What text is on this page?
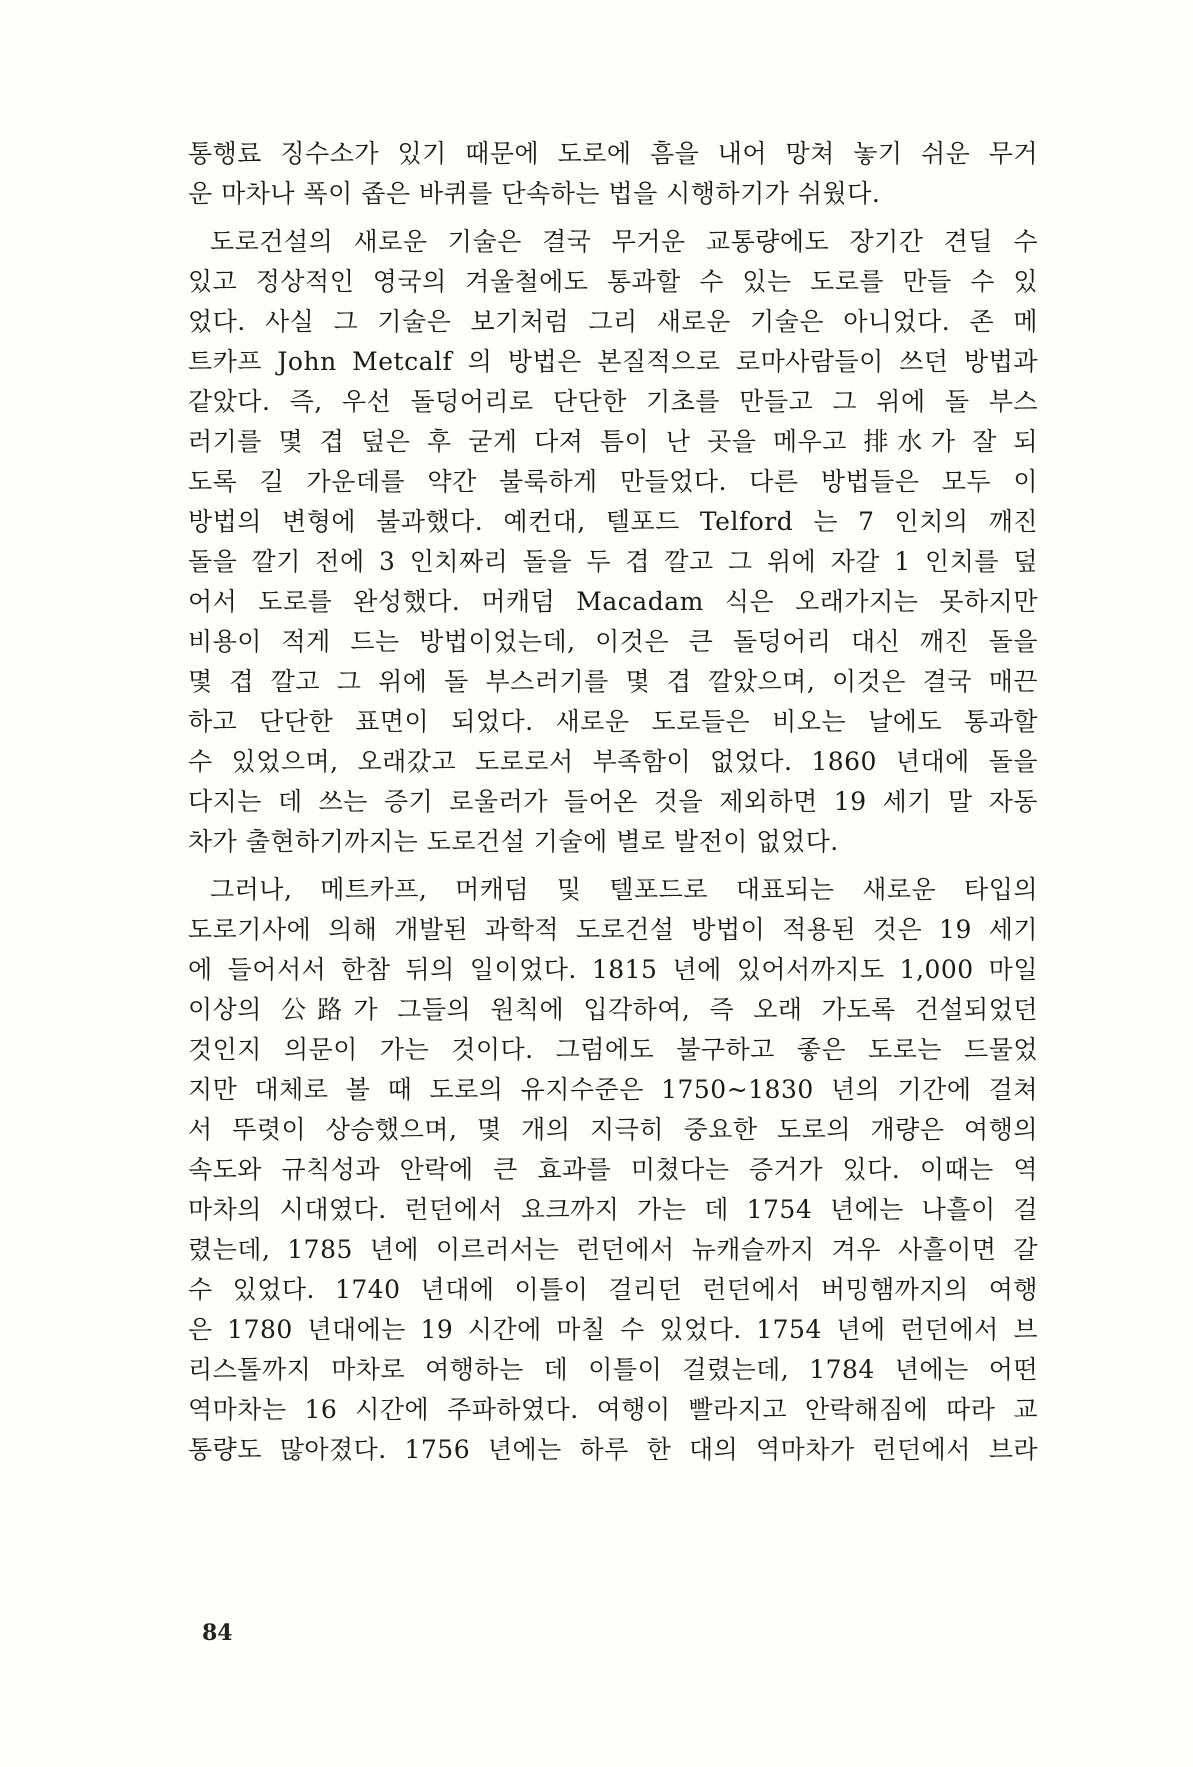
통행료 징수소가 있기 때문에 도로에 흠을 내어 망쳐 놓기 쉬운 무거
운 마차나 폭이 좁은 바퀴를 단속하는 법을 시행하기가 쉬웠다.
도로건설의 새로운 기술은 결국 무거운 교통량에도 장기간 견딜 수
있고 정상적인 영국의 겨울철에도 통과할 수 있는 도로를 만들 수 있
었다. 사실 그 기술은 보기처럼 그리 새로운 기술은 아니었다. 존 메
트카프 John Metcalf 의 방법은 본질적으로 로마사람들이 쓰던 방법과
같았다. 즉, 우선 돌덩어리로 단단한 기초를 만들고 그 위에 돌 부스
러기를 몇 겹 덮은 후 굳게 다져 틈이 난 곳을 메우고 排水가 잘 되
도록 길 가운데를 약간 불룩하게 만들었다. 다른 방법들은 모두 이
방법의 변형에 불과했다. 예컨대, 텔포드 Telford 는 7 인치의 깨진
돌을 깔기 전에 3 인치짜리 돌을 두 겹 깔고 그 위에 자갈 1 인치를 덮
어서 도로를 완성했다. 머캐덤 Macadam 식은 오래가지는 못하지만
비용이 적게 드는 방법이었는데, 이것은 큰 돌덩어리 대신 깨진 돌을
몇 겹 깔고 그 위에 돌 부스러기를 몇 겹 깔았으며, 이것은 결국 매끈
하고 단단한 표면이 되었다. 새로운 도로들은 비오는 날에도 통과할
수 있었으며, 오래갔고 도로로서 부족함이 없었다. 1860 년대에 돌을
다지는 데 쓰는 증기 로울러가 들어온 것을 제외하면 19 세기 말 자동
차가 출현하기까지는 도로건설 기술에 별로 발전이 없었다.
그러나, 메트카프, 머캐덤 및 텔포드로 대표되는 새로운 타입의
도로기사에 의해 개발된 과학적 도로건설 방법이 적용된 것은 19 세기
에 들어서서 한참 뒤의 일이었다. 1815 년에 있어서까지도 1,000 마일
이상의 公路가 그들의 원칙에 입각하여, 즉 오래 가도록 건설되었던
것인지 의문이 가는 것이다. 그럼에도 불구하고 좋은 도로는 드물었
지만 대체로 볼 때 도로의 유지수준은 1750~1830 년의 기간에 걸쳐
서 뚜렷이 상승했으며, 몇 개의 지극히 중요한 도로의 개량은 여행의
속도와 규칙성과 안락에 큰 효과를 미쳤다는 증거가 있다. 이때는 역
마차의 시대였다. 런던에서 요크까지 가는 데 1754 년에는 나흘이 걸
렸는데, 1785 년에 이르러서는 런던에서 뉴캐슬까지 겨우 사흘이면 갈
수 있었다. 1740 년대에 이틀이 걸리던 런던에서 버밍햄까지의 여행
은 1780 년대에는 19 시간에 마칠 수 있었다. 1754 년에 런던에서 브
리스톨까지 마차로 여행하는 데 이틀이 걸렸는데, 1784 년에는 어떤
역마차는 16 시간에 주파하였다. 여행이 빨라지고 안락해짐에 따라 교
통량도 많아졌다. 1756 년에는 하루 한 대의 역마차가 런던에서 브라
84
